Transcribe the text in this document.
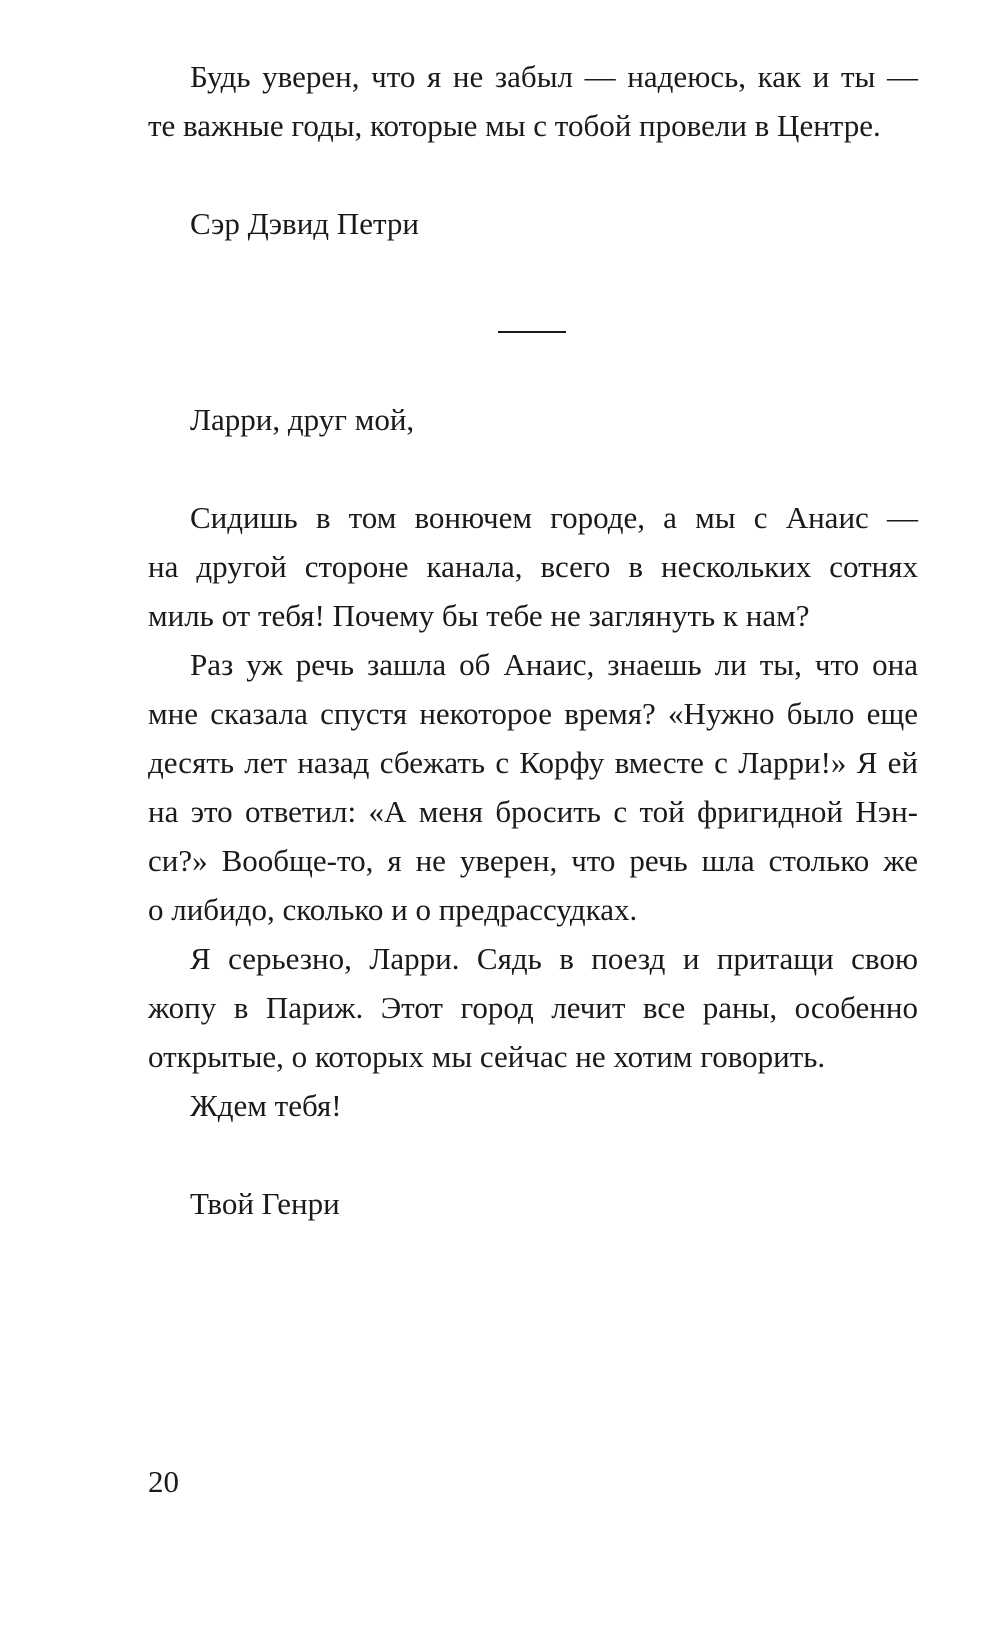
Будь уверен, что я не забыл — надеюсь, как и ты —
те важные годы, которые мы с тобой провели в Центре.
Сэр Дэвид Петри
Ларри, друг мой,
Сидишь в том вонючем городе, а мы с Анаис —
на другой стороне канала, всего в нескольких сотнях
миль от тебя! Почему бы тебе не заглянуть к нам?
Раз уж речь зашла об Анаис, знаешь ли ты, что она
мне сказала спустя некоторое время? «Нужно было еще
десять лет назад сбежать с Корфу вместе с Ларри!» Я ей
на это ответил: «А меня бросить с той фригидной Нэн-
си?» Вообще-то, я не уверен, что речь шла столько же
о либидо, сколько и о предрассудках.
Я серьезно, Ларри. Сядь в поезд и притащи свою
жопу в Париж. Этот город лечит все раны, особенно
открытые, о которых мы сейчас не хотим говорить.
Ждем тебя!
Твой Генри
20
